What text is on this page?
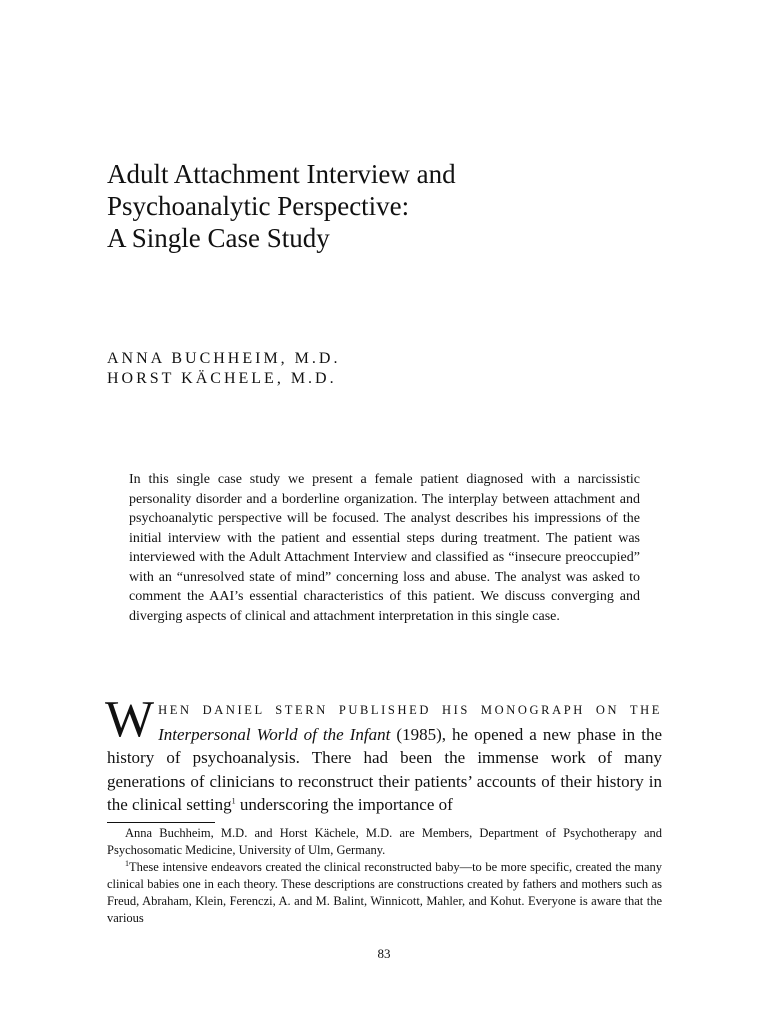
Adult Attachment Interview and
Psychoanalytic Perspective:
A Single Case Study
ANNA BUCHHEIM, M.D.
HORST KÄCHELE, M.D.

In this single case study we present a female patient diagnosed with a narcissistic personality disorder and a borderline organization. The interplay between attachment and psychoanalytic perspective will be focused. The analyst describes his impressions of the initial interview with the patient and essential steps during treatment. The patient was interviewed with the Adult Attachment Interview and classified as “insecure preoccupied” with an “unresolved state of mind” concerning loss and abuse. The analyst was asked to comment the AAI’s essential characteristics of this patient. We discuss converging and diverging aspects of clinical and attachment interpretation in this single case.

WHEN DANIEL STERN PUBLISHED HIS MONOGRAPH ON THE Interpersonal World of the Infant (1985), he opened a new phase in the history of psychoanalysis. There had been the immense work of many generations of clinicians to reconstruct their patients’ accounts of their history in the clinical setting$^1$ underscoring the importance of

Anna Buchheim, M.D. and Horst Kächele, M.D. are Members, Department of Psychotherapy and Psychosomatic Medicine, University of Ulm, Germany.

$^1$These intensive endeavors created the clinical reconstructed baby—to be more specific, created the many clinical babies one in each theory. These descriptions are constructions created by fathers and mothers such as Freud, Abraham, Klein, Ferenczi, A. and M. Balint, Winnicott, Mahler, and Kohut. Everyone is aware that the various

83
